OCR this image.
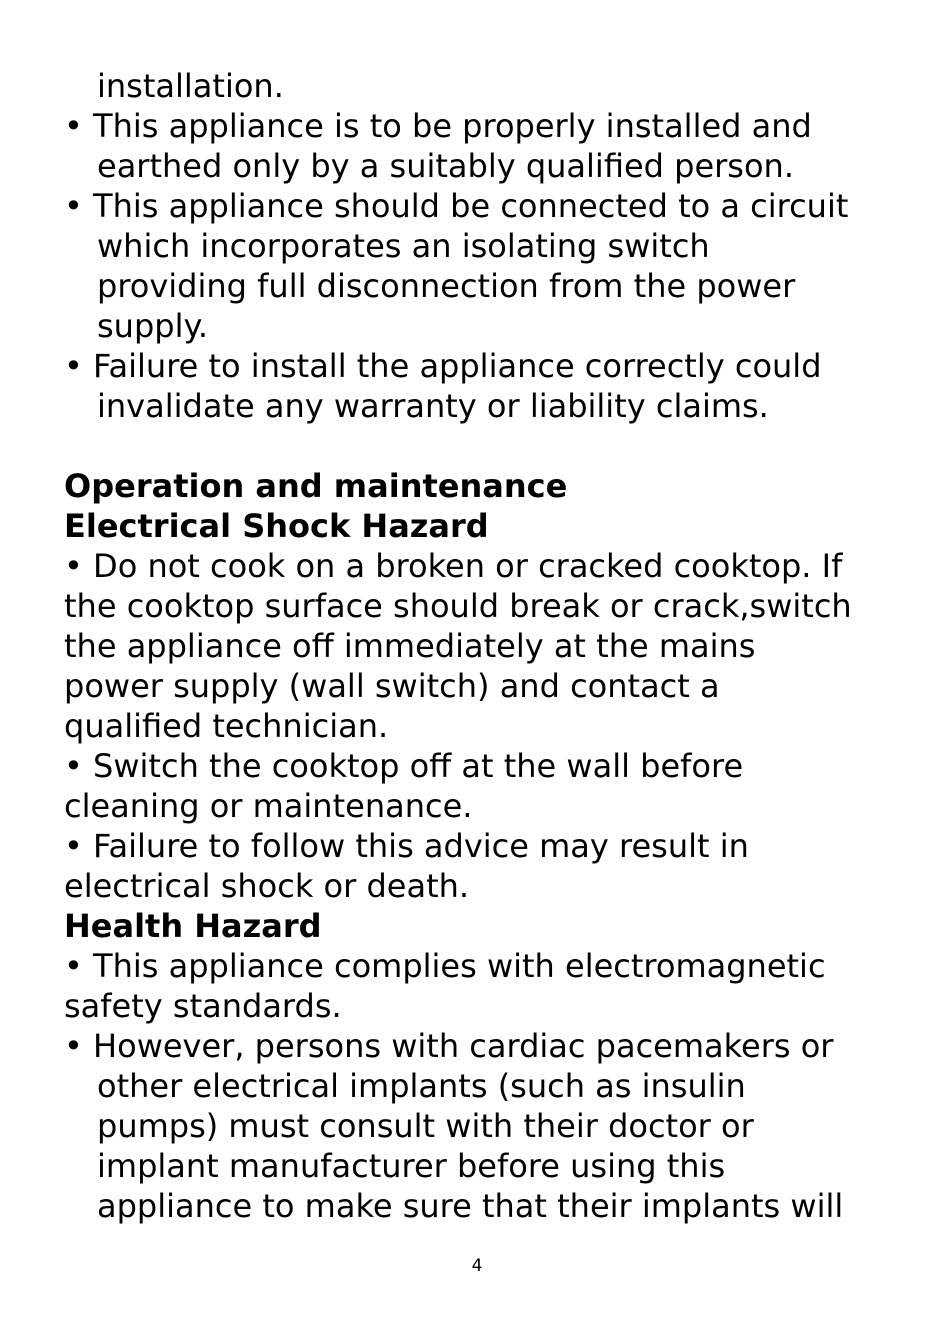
installation.

• This appliance is to be properly installed and

earthed only by a suitably qualified person.

• This appliance should be connected to a circuit

which incorporates an isolating switch

providing full disconnection from the power

supply.

• Failure to install the appliance correctly could

invalidate any warranty or liability claims.

Operation and maintenance
Electrical Shock Hazard

• Do not cook on a broken or cracked cooktop. If

the cooktop surface should break or crack,switch

the appliance off immediately at the mains

power supply (wall switch) and contact a

qualified technician.

• Switch the cooktop off at the wall before

cleaning or maintenance.

• Failure to follow this advice may result in

electrical shock or death.

Health Hazard

• This appliance complies with electromagnetic

safety standards.

• However, persons with cardiac pacemakers or

other electrical implants (such as insulin

pumps) must consult with their doctor or

implant manufacturer before using this

appliance to make sure that their implants will

4
